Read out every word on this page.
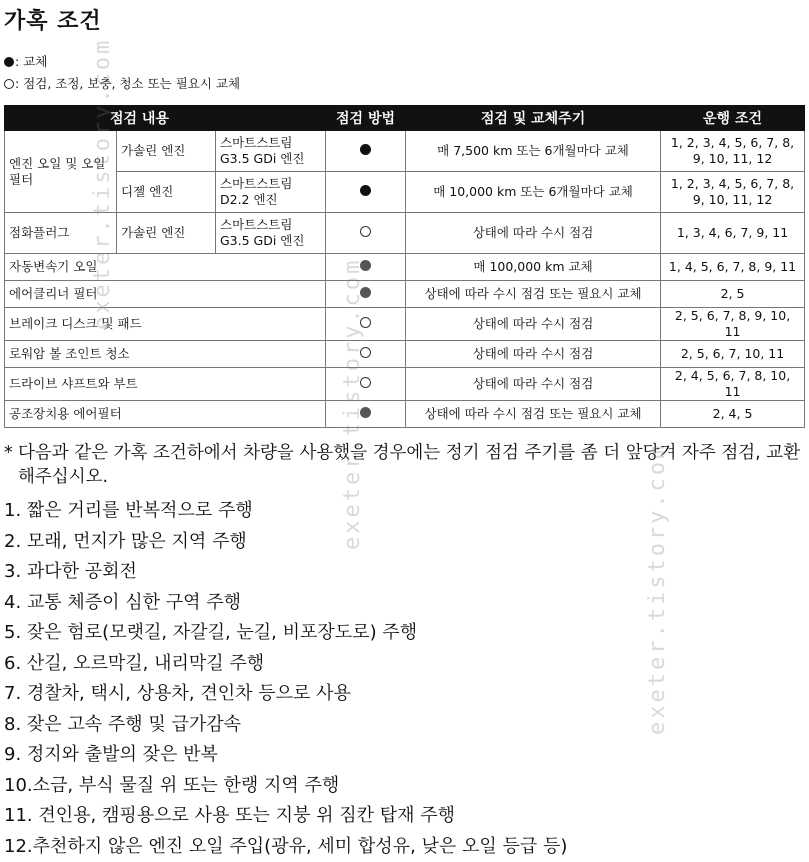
가혹 조건
: 교체
: 점검, 조정, 보충, 청소 또는 필요시 교체
점검 내용			점검 방법	점검 및 교체주기	운행 조건
엔진 오일 및 오일 필터	가솔린 엔진	스마트스트림 G3.5 GDi 엔진		매 7,500 km 또는 6개월마다 교체	1, 2, 3, 4, 5, 6, 7, 8, 9, 10, 11, 12
	디젤 엔진	스마트스트림 D2.2 엔진		매 10,000 km 또는 6개월마다 교체	1, 2, 3, 4, 5, 6, 7, 8, 9, 10, 11, 12
점화플러그	가솔린 엔진	스마트스트림 G3.5 GDi 엔진		상태에 따라 수시 점검	1, 3, 4, 6, 7, 9, 11
자동변속기 오일				매 100,000 km 교체	1, 4, 5, 6, 7, 8, 9, 11
에어클리너 필터				상태에 따라 수시 점검 또는 필요시 교체	2, 5
브레이크 디스크 및 패드				상태에 따라 수시 점검	2, 5, 6, 7, 8, 9, 10, 11
로워암 볼 조인트 청소				상태에 따라 수시 점검	2, 5, 6, 7, 10, 11
드라이브 샤프트와 부트				상태에 따라 수시 점검	2, 4, 5, 6, 7, 8, 10, 11
공조장치용 에어필터				상태에 따라 수시 점검 또는 필요시 교체	2, 4, 5
* 다음과 같은 가혹 조건하에서 차량을 사용했을 경우에는 정기 점검 주기를 좀 더 앞당겨 자주 점검, 교환해주십시오.
1. 짧은 거리를 반복적으로 주행
2. 모래, 먼지가 많은 지역 주행
3. 과다한 공회전
4. 교통 체증이 심한 구역 주행
5. 잦은 험로(모랫길, 자갈길, 눈길, 비포장도로) 주행
6. 산길, 오르막길, 내리막길 주행
7. 경찰차, 택시, 상용차, 견인차 등으로 사용
8. 잦은 고속 주행 및 급가감속
9. 정지와 출발의 잦은 반복
10.소금, 부식 물질 위 또는 한랭 지역 주행
11. 견인용, 캠핑용으로 사용 또는 지붕 위 짐칸 탑재 주행
12.추천하지 않은 엔진 오일 주입(광유, 세미 합성유, 낮은 오일 등급 등)
exeter.tistory.com
exeter.tistory.com
exeter.tistory.com
